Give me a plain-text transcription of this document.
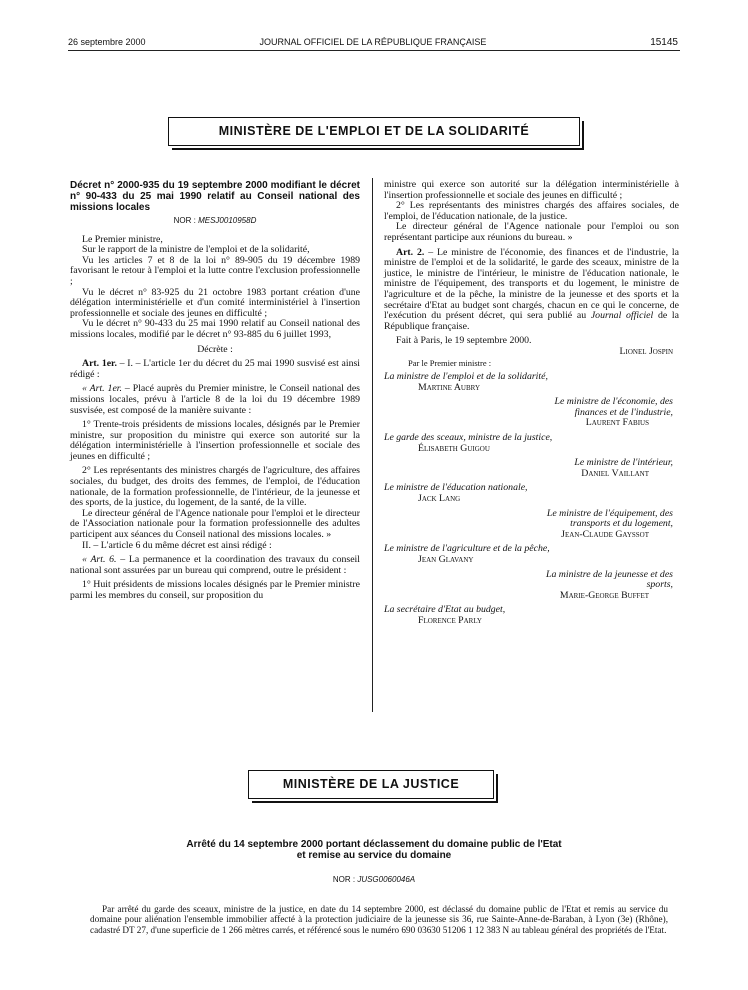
26 septembre 2000	JOURNAL OFFICIEL DE LA RÉPUBLIQUE FRANÇAISE	15145
MINISTÈRE DE L'EMPLOI ET DE LA SOLIDARITÉ

Décret n° 2000-935 du 19 septembre 2000 modifiant le décret n° 90-433 du 25 mai 1990 relatif au Conseil national des missions locales

NOR : MESJ0010958D

Le Premier ministre,

Sur le rapport de la ministre de l'emploi et de la solidarité,

Vu les articles 7 et 8 de la loi n° 89-905 du 19 décembre 1989 favorisant le retour à l'emploi et la lutte contre l'exclusion professionnelle ;

Vu le décret n° 83-925 du 21 octobre 1983 portant création d'une délégation interministérielle et d'un comité interministériel à l'insertion professionnelle et sociale des jeunes en difficulté ;

Vu le décret n° 90-433 du 25 mai 1990 relatif au Conseil national des missions locales, modifié par le décret n° 93-885 du 6 juillet 1993,

Décrète :

Art. 1er. – I. – L'article 1er du décret du 25 mai 1990 susvisé est ainsi rédigé :

« Art. 1er. – Placé auprès du Premier ministre, le Conseil national des missions locales, prévu à l'article 8 de la loi du 19 décembre 1989 susvisée, est composé de la manière suivante :

1° Trente-trois présidents de missions locales, désignés par le Premier ministre, sur proposition du ministre qui exerce son autorité sur la délégation interministérielle à l'insertion professionnelle et sociale des jeunes en difficulté ;

2° Les représentants des ministres chargés de l'agriculture, des affaires sociales, du budget, des droits des femmes, de l'emploi, de l'éducation nationale, de la formation professionnelle, de l'intérieur, de la jeunesse et des sports, de la justice, du logement, de la santé, de la ville.

Le directeur général de l'Agence nationale pour l'emploi et le directeur de l'Association nationale pour la formation professionnelle des adultes participent aux séances du Conseil national des missions locales. »

II. – L'article 6 du même décret est ainsi rédigé :

« Art. 6. – La permanence et la coordination des travaux du conseil national sont assurées par un bureau qui comprend, outre le président :

1° Huit présidents de missions locales désignés par le Premier ministre parmi les membres du conseil, sur proposition du

ministre qui exerce son autorité sur la délégation interministérielle à l'insertion professionnelle et sociale des jeunes en difficulté ;

2° Les représentants des ministres chargés des affaires sociales, de l'emploi, de l'éducation nationale, de la justice.

Le directeur général de l'Agence nationale pour l'emploi ou son représentant participe aux réunions du bureau. »

Art. 2. – Le ministre de l'économie, des finances et de l'industrie, la ministre de l'emploi et de la solidarité, le garde des sceaux, ministre de la justice, le ministre de l'intérieur, le ministre de l'éducation nationale, le ministre de l'équipement, des transports et du logement, le ministre de l'agriculture et de la pêche, la ministre de la jeunesse et des sports et la secrétaire d'Etat au budget sont chargés, chacun en ce qui le concerne, de l'exécution du présent décret, qui sera publié au Journal officiel de la République française.

Fait à Paris, le 19 septembre 2000.

Lionel Jospin

Par le Premier ministre :

La ministre de l'emploi et de la solidarité,
Martine Aubry
Le ministre de l'économie, des finances et de l'industrie,
Laurent Fabius
Le garde des sceaux, ministre de la justice,
Élisabeth Guigou
Le ministre de l'intérieur,
Daniel Vaillant
Le ministre de l'éducation nationale,
Jack Lang
Le ministre de l'équipement, des transports et du logement,
Jean-Claude Gayssot
Le ministre de l'agriculture et de la pêche,
Jean Glavany
La ministre de la jeunesse et des sports,
Marie-George Buffet
La secrétaire d'Etat au budget,
Florence Parly
MINISTÈRE DE LA JUSTICE
Arrêté du 14 septembre 2000 portant déclassement du domaine public de l'Etat
et remise au service du domaine
NOR : JUSG0060046A
Par arrêté du garde des sceaux, ministre de la justice, en date du 14 septembre 2000, est déclassé du domaine public de l'Etat et remis au service du domaine pour aliénation l'ensemble immobilier affecté à la protection judiciaire de la jeunesse sis 36, rue Sainte-Anne-de-Baraban, à Lyon (3e) (Rhône), cadastré DT 27, d'une superficie de 1 266 mètres carrés, et référencé sous le numéro 690 03630 51206 1 12 383 N au tableau général des propriétés de l'Etat.
